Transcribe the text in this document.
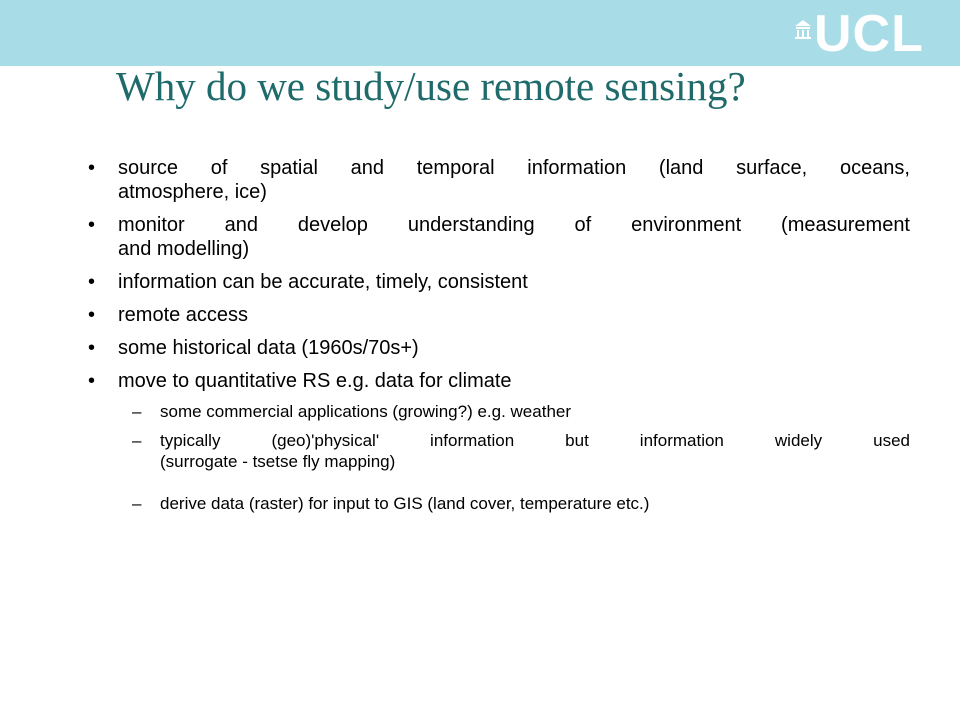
UCL
Why do we study/use remote sensing?
• source of spatial and temporal information (land surface, oceans,
atmosphere, ice)
• monitor and develop understanding of environment (measurement
and modelling)
• information can be accurate, timely, consistent
• remote access
• some historical data (1960s/70s+)
• move to quantitative RS e.g. data for climate
– some commercial applications (growing?) e.g. weather
– typically (geo)'physical' information but information widely used
(surrogate - tsetse fly mapping)
– derive data (raster) for input to GIS (land cover, temperature etc.)
